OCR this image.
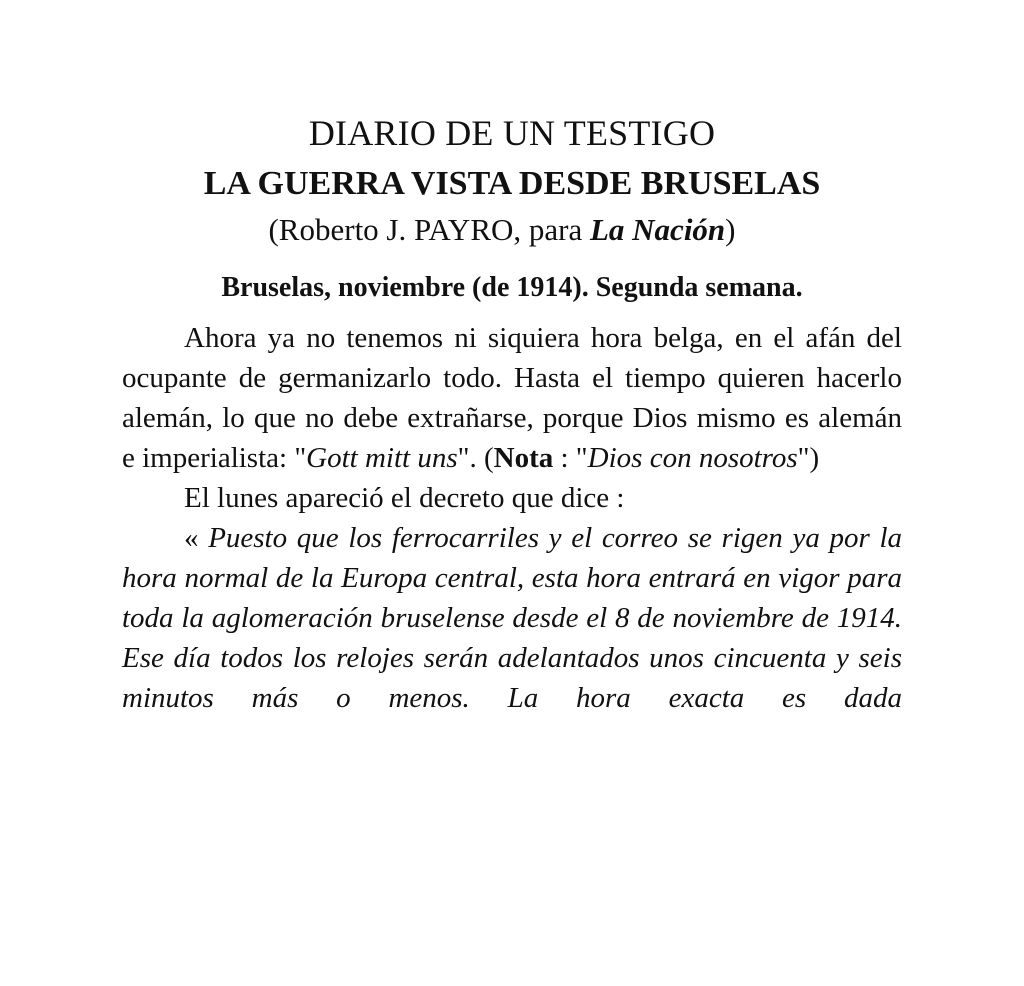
DIARIO DE UN TESTIGO
LA GUERRA VISTA DESDE BRUSELAS

(Roberto J. PAYRO, para La Nación)

Bruselas, noviembre (de 1914). Segunda semana.

Ahora ya no tenemos ni siquiera hora belga, en el afán del ocupante de germanizarlo todo. Hasta el tiempo quieren hacerlo alemán, lo que no debe extrañarse, porque Dios mismo es alemán e imperialista: "Gott mitt uns". (Nota : "Dios con nosotros")

El lunes apareció el decreto que dice :

« Puesto que los ferrocarriles y el correo se rigen ya por la hora normal de la Europa central, esta hora entrará en vigor para toda la aglomeración bruselense desde el 8 de noviembre de 1914. Ese día todos los relojes serán adelantados unos cincuenta y seis minutos más o menos. La hora exacta es dada
